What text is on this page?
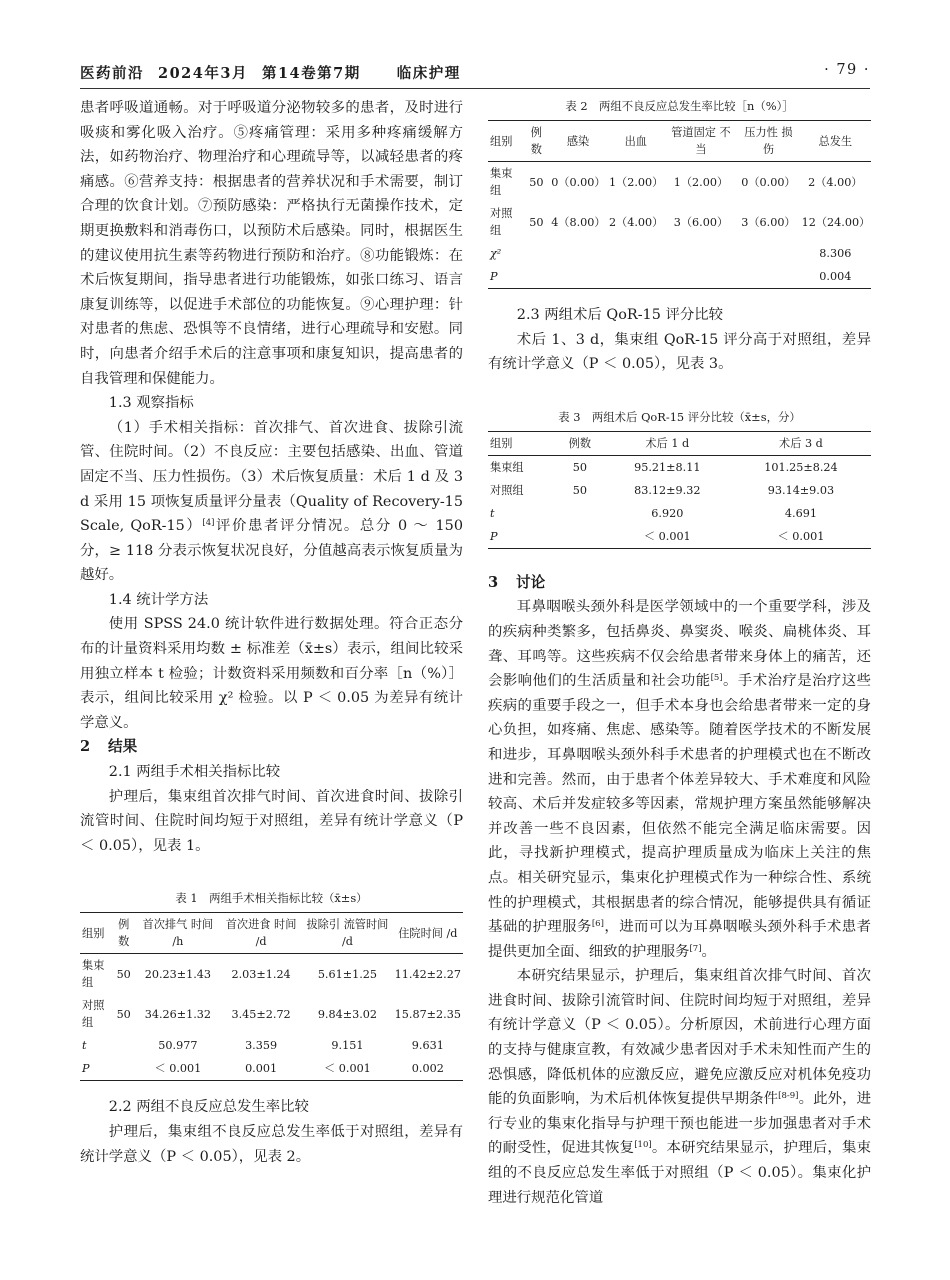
医药前沿 2024年3月 第14卷第7期 临床护理	· 79 ·

患者呼吸道通畅。对于呼吸道分泌物较多的患者，及时进行吸痰和雾化吸入治疗。⑤疼痛管理：采用多种疼痛缓解方法，如药物治疗、物理治疗和心理疏导等，以减轻患者的疼痛感。⑥营养支持：根据患者的营养状况和手术需要，制订合理的饮食计划。⑦预防感染：严格执行无菌操作技术，定期更换敷料和消毒伤口，以预防术后感染。同时，根据医生的建议使用抗生素等药物进行预防和治疗。⑧功能锻炼：在术后恢复期间，指导患者进行功能锻炼，如张口练习、语言康复训练等，以促进手术部位的功能恢复。⑨心理护理：针对患者的焦虑、恐惧等不良情绪，进行心理疏导和安慰。同时，向患者介绍手术后的注意事项和康复知识，提高患者的自我管理和保健能力。

1.3 观察指标

（1）手术相关指标：首次排气、首次进食、拔除引流管、住院时间。（2）不良反应：主要包括感染、出血、管道固定不当、压力性损伤。（3）术后恢复质量：术后 1 d 及 3 d 采用 15 项恢复质量评分量表（Quality of Recovery-15 Scale, QoR-15）[4]评价患者评分情况。总分 0 ～ 150 分，≥ 118 分表示恢复状况良好，分值越高表示恢复质量为越好。

1.4 统计学方法

使用 SPSS 24.0 统计软件进行数据处理。符合正态分布的计量资料采用均数 ± 标准差（x̄±s）表示，组间比较采用独立样本 t 检验；计数资料采用频数和百分率［n（%）］表示，组间比较采用 χ² 检验。以 P ＜ 0.05 为差异有统计学意义。

2 结果
2.1 两组手术相关指标比较

护理后，集束组首次排气时间、首次进食时间、拔除引流管时间、住院时间均短于对照组，差异有统计学意义（P ＜ 0.05），见表 1。

表 1　两组手术相关指标比较（x̄±s）
组别	例数	首次排气 时间 /h	首次进食 时间 /d	拔除引 流管时间 /d	住院时间 /d
集束组	50	20.23±1.43	2.03±1.24	5.61±1.25	11.42±2.27
对照组	50	34.26±1.32	3.45±2.72	9.84±3.02	15.87±2.35
t		50.977	3.359	9.151	9.631
P		＜ 0.001	0.001	＜ 0.001	0.002
2.2 两组不良反应总发生率比较

护理后，集束组不良反应总发生率低于对照组，差异有统计学意义（P ＜ 0.05），见表 2。

表 2　两组不良反应总发生率比较［n（%）］
组别	例数	感染	出血	管道固定 不当	压力性 损伤	总发生
集束组	50	0（0.00）	1（2.00）	1（2.00）	0（0.00）	2（4.00）
对照组	50	4（8.00）	2（4.00）	3（6.00）	3（6.00）	12（24.00）
χ²						8.306
P						0.004
2.3 两组术后 QoR-15 评分比较

术后 1、3 d，集束组 QoR-15 评分高于对照组，差异有统计学意义（P ＜ 0.05），见表 3。

表 3　两组术后 QoR-15 评分比较（x̄±s，分）
组别	例数	术后 1 d	术后 3 d
集束组	50	95.21±8.11	101.25±8.24
对照组	50	83.12±9.32	93.14±9.03
t		6.920	4.691
P		＜ 0.001	＜ 0.001
3 讨论

耳鼻咽喉头颈外科是医学领域中的一个重要学科，涉及的疾病种类繁多，包括鼻炎、鼻窦炎、喉炎、扁桃体炎、耳聋、耳鸣等。这些疾病不仅会给患者带来身体上的痛苦，还会影响他们的生活质量和社会功能[5]。手术治疗是治疗这些疾病的重要手段之一，但手术本身也会给患者带来一定的身心负担，如疼痛、焦虑、感染等。随着医学技术的不断发展和进步，耳鼻咽喉头颈外科手术患者的护理模式也在不断改进和完善。然而，由于患者个体差异较大、手术难度和风险较高、术后并发症较多等因素，常规护理方案虽然能够解决并改善一些不良因素，但依然不能完全满足临床需要。因此，寻找新护理模式，提高护理质量成为临床上关注的焦点。相关研究显示，集束化护理模式作为一种综合性、系统性的护理模式，其根据患者的综合情况，能够提供具有循证基础的护理服务[6]，进而可以为耳鼻咽喉头颈外科手术患者提供更加全面、细致的护理服务[7]。

本研究结果显示，护理后，集束组首次排气时间、首次进食时间、拔除引流管时间、住院时间均短于对照组，差异有统计学意义（P ＜ 0.05）。分析原因，术前进行心理方面的支持与健康宣教，有效减少患者因对手术未知性而产生的恐惧感，降低机体的应激反应，避免应激反应对机体免疫功能的负面影响，为术后机体恢复提供早期条件[8-9]。此外，进行专业的集束化指导与护理干预也能进一步加强患者对手术的耐受性，促进其恢复[10]。本研究结果显示，护理后，集束组的不良反应总发生率低于对照组（P ＜ 0.05）。集束化护理进行规范化管道
